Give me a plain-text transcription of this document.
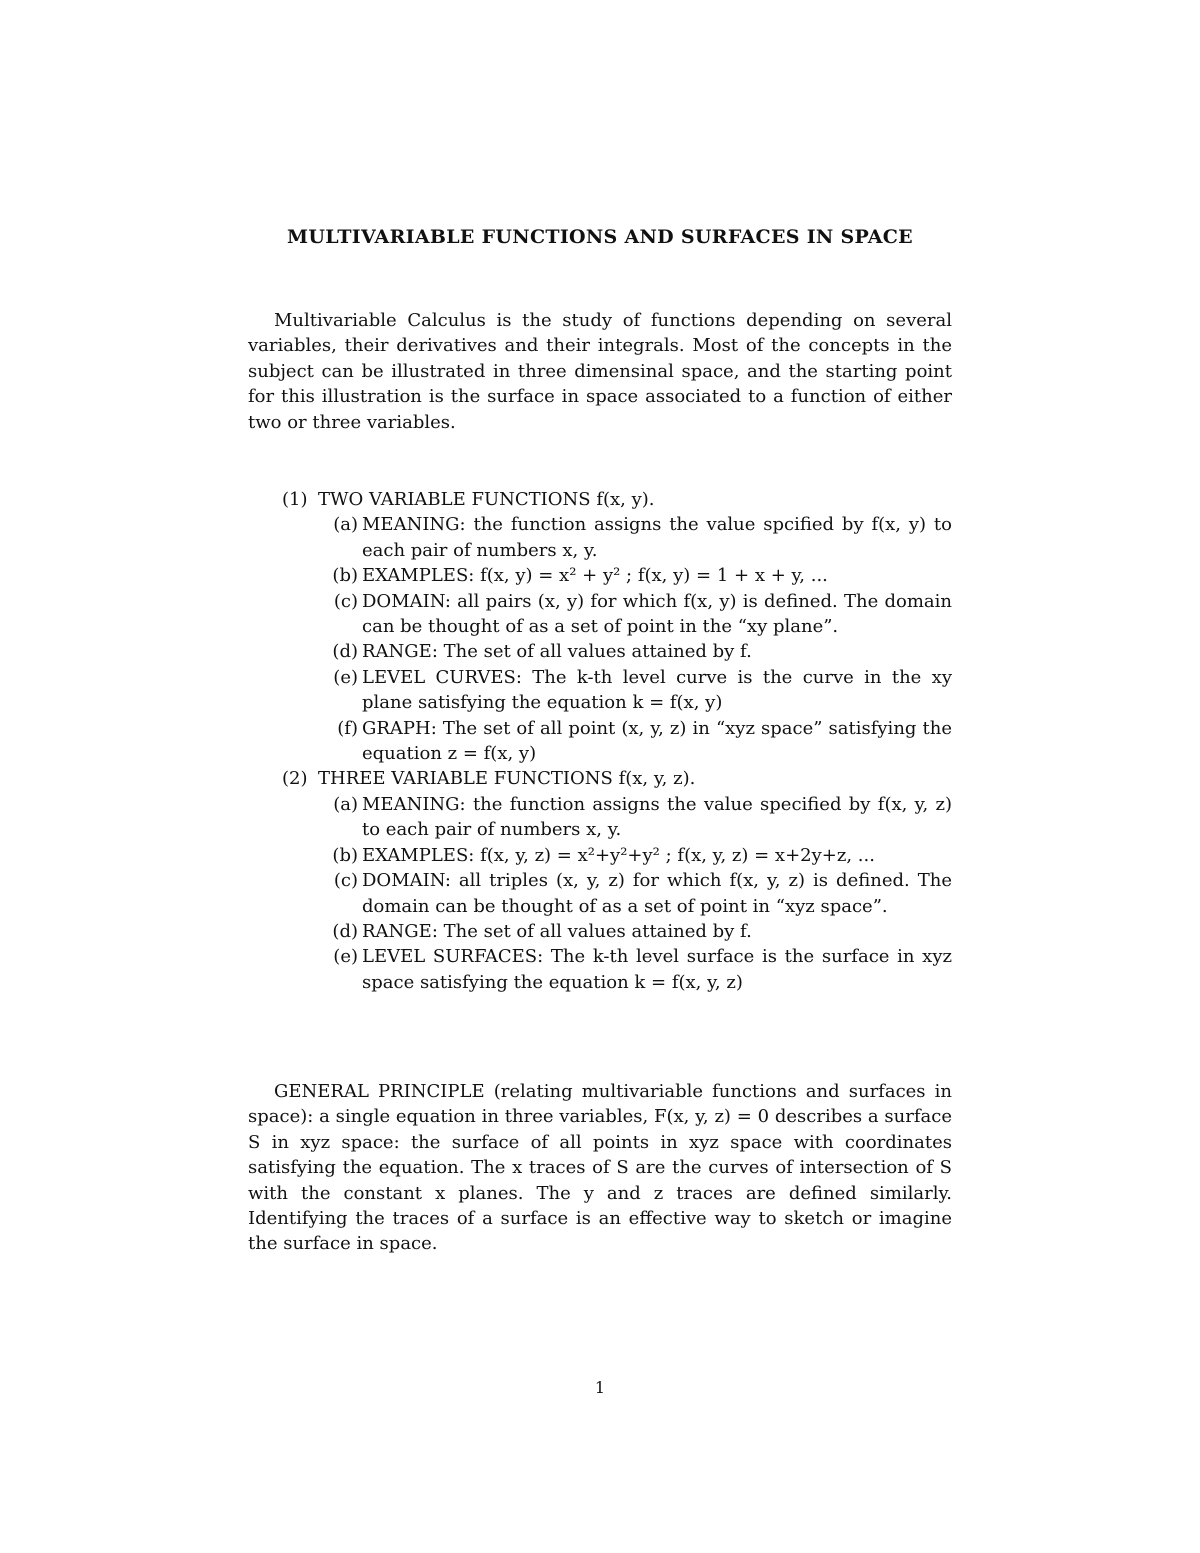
MULTIVARIABLE FUNCTIONS AND SURFACES IN SPACE
Multivariable Calculus is the study of functions depending on several variables, their derivatives and their integrals. Most of the concepts in the subject can be illustrated in three dimensinal space, and the starting point for this illustration is the surface in space associated to a function of either two or three variables.
(1) TWO VARIABLE FUNCTIONS f(x, y).
(a) MEANING: the function assigns the value spcified by f(x, y) to each pair of numbers x, y.
(b) EXAMPLES: f(x, y) = x² + y² ; f(x, y) = 1 + x + y, ...
(c) DOMAIN: all pairs (x, y) for which f(x, y) is defined. The domain can be thought of as a set of point in the “xy plane”.
(d) RANGE: The set of all values attained by f.
(e) LEVEL CURVES: The k-th level curve is the curve in the xy plane satisfying the equation k = f(x, y)
(f) GRAPH: The set of all point (x, y, z) in “xyz space” satisfying the equation z = f(x, y)
(2) THREE VARIABLE FUNCTIONS f(x, y, z).
(a) MEANING: the function assigns the value specified by f(x, y, z) to each pair of numbers x, y.
(b) EXAMPLES: f(x, y, z) = x²+y²+y² ; f(x, y, z) = x+2y+z, ...
(c) DOMAIN: all triples (x, y, z) for which f(x, y, z) is defined. The domain can be thought of as a set of point in “xyz space”.
(d) RANGE: The set of all values attained by f.
(e) LEVEL SURFACES: The k-th level surface is the surface in xyz space satisfying the equation k = f(x, y, z)
GENERAL PRINCIPLE (relating multivariable functions and surfaces in space): a single equation in three variables, F(x, y, z) = 0 describes a surface S in xyz space: the surface of all points in xyz space with coordinates satisfying the equation. The x traces of S are the curves of intersection of S with the constant x planes. The y and z traces are defined similarly. Identifying the traces of a surface is an effective way to sketch or imagine the surface in space.
1
